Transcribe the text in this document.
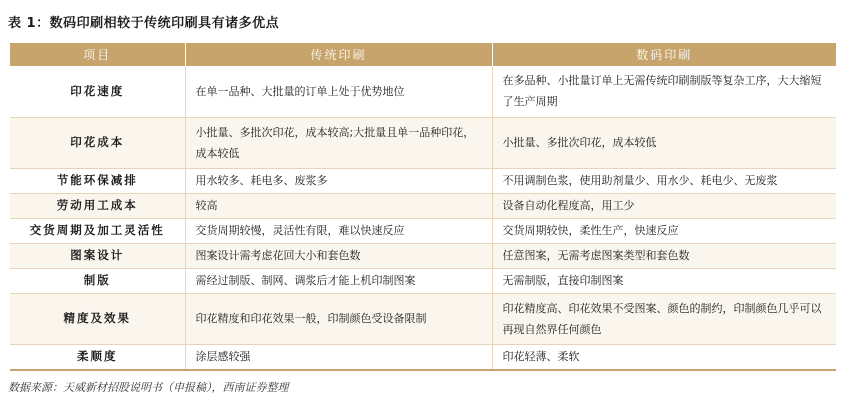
表 1：数码印刷相较于传统印刷具有诸多优点
项目	传统印刷	数码印刷
印花速度	在单一品种、大批量的订单上处于优势地位	在多品种、小批量订单上无需传统印刷制版等复杂工序，大大缩短了生产周期
印花成本	小批量、多批次印花，成本较高;大批量且单一品种印花，成本较低	小批量、多批次印花，成本较低
节能环保减排	用水较多、耗电多、废浆多	不用调制色浆，使用助剂量少、用水少、耗电少、无废浆
劳动用工成本	较高	设备自动化程度高，用工少
交货周期及加工灵活性	交货周期较慢，灵活性有限，难以快速反应	交货周期较快，柔性生产，快速反应
图案设计	图案设计需考虑花回大小和套色数	任意图案，无需考虑图案类型和套色数
制版	需经过制版、制网、调浆后才能上机印制图案	无需制版，直接印制图案
精度及效果	印花精度和印花效果一般，印制颜色受设备限制	印花精度高、印花效果不受图案、颜色的制约，印制颜色几乎可以再现自然界任何颜色
柔顺度	涂层感较强	印花轻薄、柔软
数据来源：天威新材招股说明书（申报稿），西南证券整理
